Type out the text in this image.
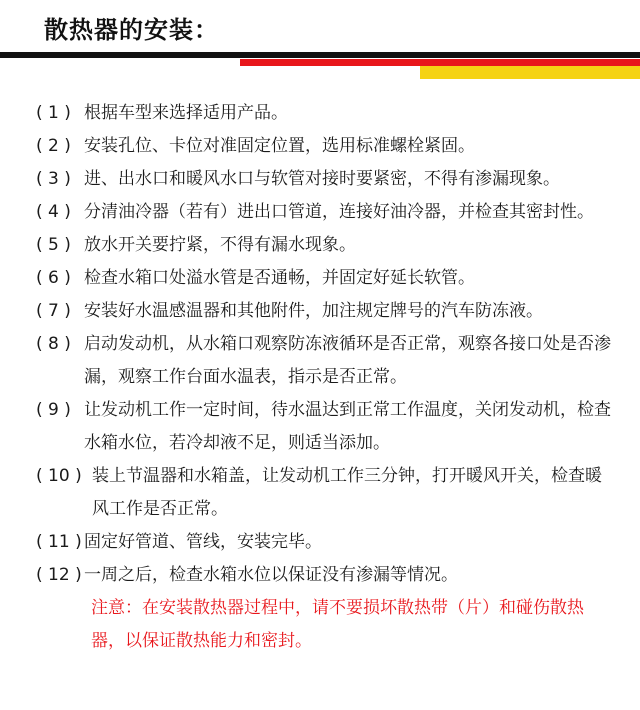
散热器的安装：
( 1 ) 根据车型来选择适用产品。
( 2 ) 安装孔位、卡位对准固定位置，选用标准螺栓紧固。
( 3 ) 进、出水口和暖风水口与软管对接时要紧密，不得有渗漏现象。
( 4 ) 分清油冷器（若有）进出口管道，连接好油冷器，并检查其密封性。
( 5 ) 放水开关要拧紧，不得有漏水现象。
( 6 ) 检查水箱口处溢水管是否通畅，并固定好延长软管。
( 7 ) 安装好水温感温器和其他附件，加注规定牌号的汽车防冻液。
( 8 ) 启动发动机，从水箱口观察防冻液循环是否正常，观察各接口处是否渗漏，观察工作台面水温表，指示是否正常。
( 9 ) 让发动机工作一定时间，待水温达到正常工作温度，关闭发动机，检查水箱水位，若冷却液不足，则适当添加。
( 10 ) 装上节温器和水箱盖，让发动机工作三分钟，打开暖风开关，检查暖风工作是否正常。
( 11 ) 固定好管道、管线，安装完毕。
( 12 ) 一周之后，检查水箱水位以保证没有渗漏等情况。
注意：在安装散热器过程中，请不要损坏散热带（片）和碰伤散热器，以保证散热能力和密封。
